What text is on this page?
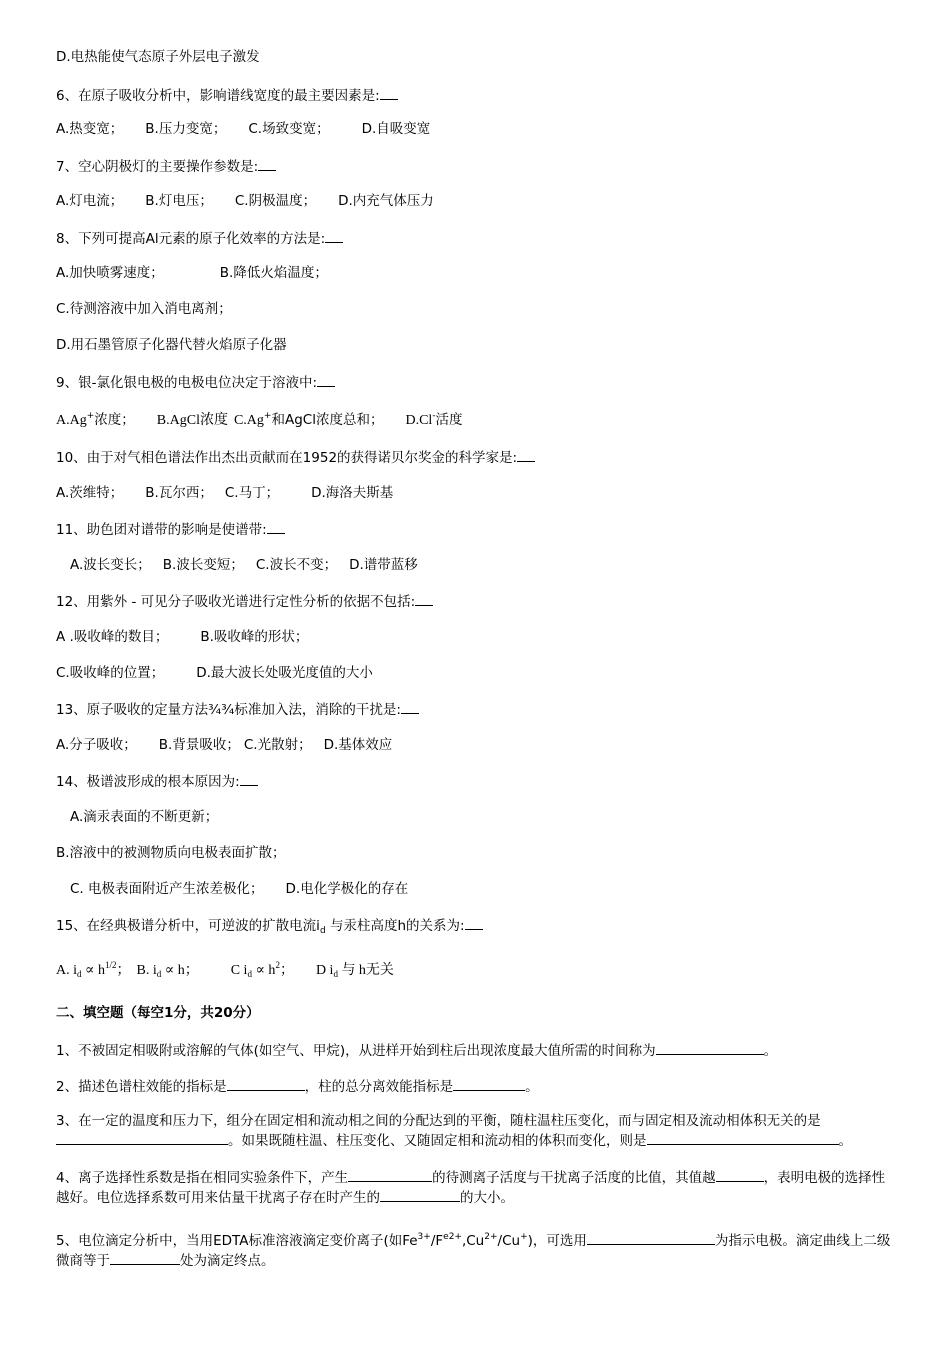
D.电热能使气态原子外层电子激发
6、在原子吸收分析中，影响谱线宽度的最主要因素是:
A.热变宽； B.压力变宽； C.场致变宽； D.自吸变宽
7、空心阴极灯的主要操作参数是:
A.灯电流； B.灯电压； C.阴极温度； D.内充气体压力
8、下列可提高Al元素的原子化效率的方法是:
A.加快喷雾速度；	B.降低火焰温度；
C.待测溶液中加入消电离剂；
D.用石墨管原子化器代替火焰原子化器
9、银-氯化银电极的电极电位决定于溶液中:
A.Ag+浓度； B.AgCl浓度 C.Ag+和AgCl浓度总和； D.Cl-活度
10、由于对气相色谱法作出杰出贡献而在1952的获得诺贝尔奖金的科学家是:
A.茨维特； B.瓦尔西； C.马丁； D.海洛夫斯基
11、助色团对谱带的影响是使谱带:
A.波长变长； B.波长变短； C.波长不变； D.谱带蓝移
12、用紫外 - 可见分子吸收光谱进行定性分析的依据不包括:
A .吸收峰的数目； B.吸收峰的形状；
C.吸收峰的位置； D.最大波长处吸光度值的大小
13、原子吸收的定量方法¾¾标准加入法，消除的干扰是:
A.分子吸收； B.背景吸收； C.光散射； D.基体效应
14、极谱波形成的根本原因为:
A.滴汞表面的不断更新；
B.溶液中的被测物质向电极表面扩散；
C. 电极表面附近产生浓差极化； D.电化学极化的存在
15、在经典极谱分析中，可逆波的扩散电流$i_d$ 与汞柱高度h的关系为:
A. $i_d \propto h^{1/2}$； B. $i_d \propto h$； C $i_d \propto h^2$； D $i_d$ 与 h无关
二、填空题（每空1分，共20分）
1、不被固定相吸附或溶解的气体(如空气、甲烷)，从进样开始到柱后出现浓度最大值所需的时间称为	。
2、描述色谱柱效能的指标是	，柱的总分离效能指标是	。

3、在一定的温度和压力下，组分在固定相和流动相之间的分配达到的平衡，随柱温柱压变化，而与固定相及流动相体积无关的是。如果既随柱温、柱压变化、又随固定相和流动相的体积而变化，则是	。

4、离子选择性系数是指在相同实验条件下，产生	的待测离子活度与干扰离子活度的比值，其值越	，表明电极的选择性越好。电位选择系数可用来估量干扰离子存在时产生的	的大小。

5、电位滴定分析中，当用EDTA标准溶液滴定变价离子(如$Fe^{3+}/F^{e2+},Cu^{2+}/Cu^+$)，可选用	为指示电极。滴定曲线上二级微商等于	处为滴定终点。
